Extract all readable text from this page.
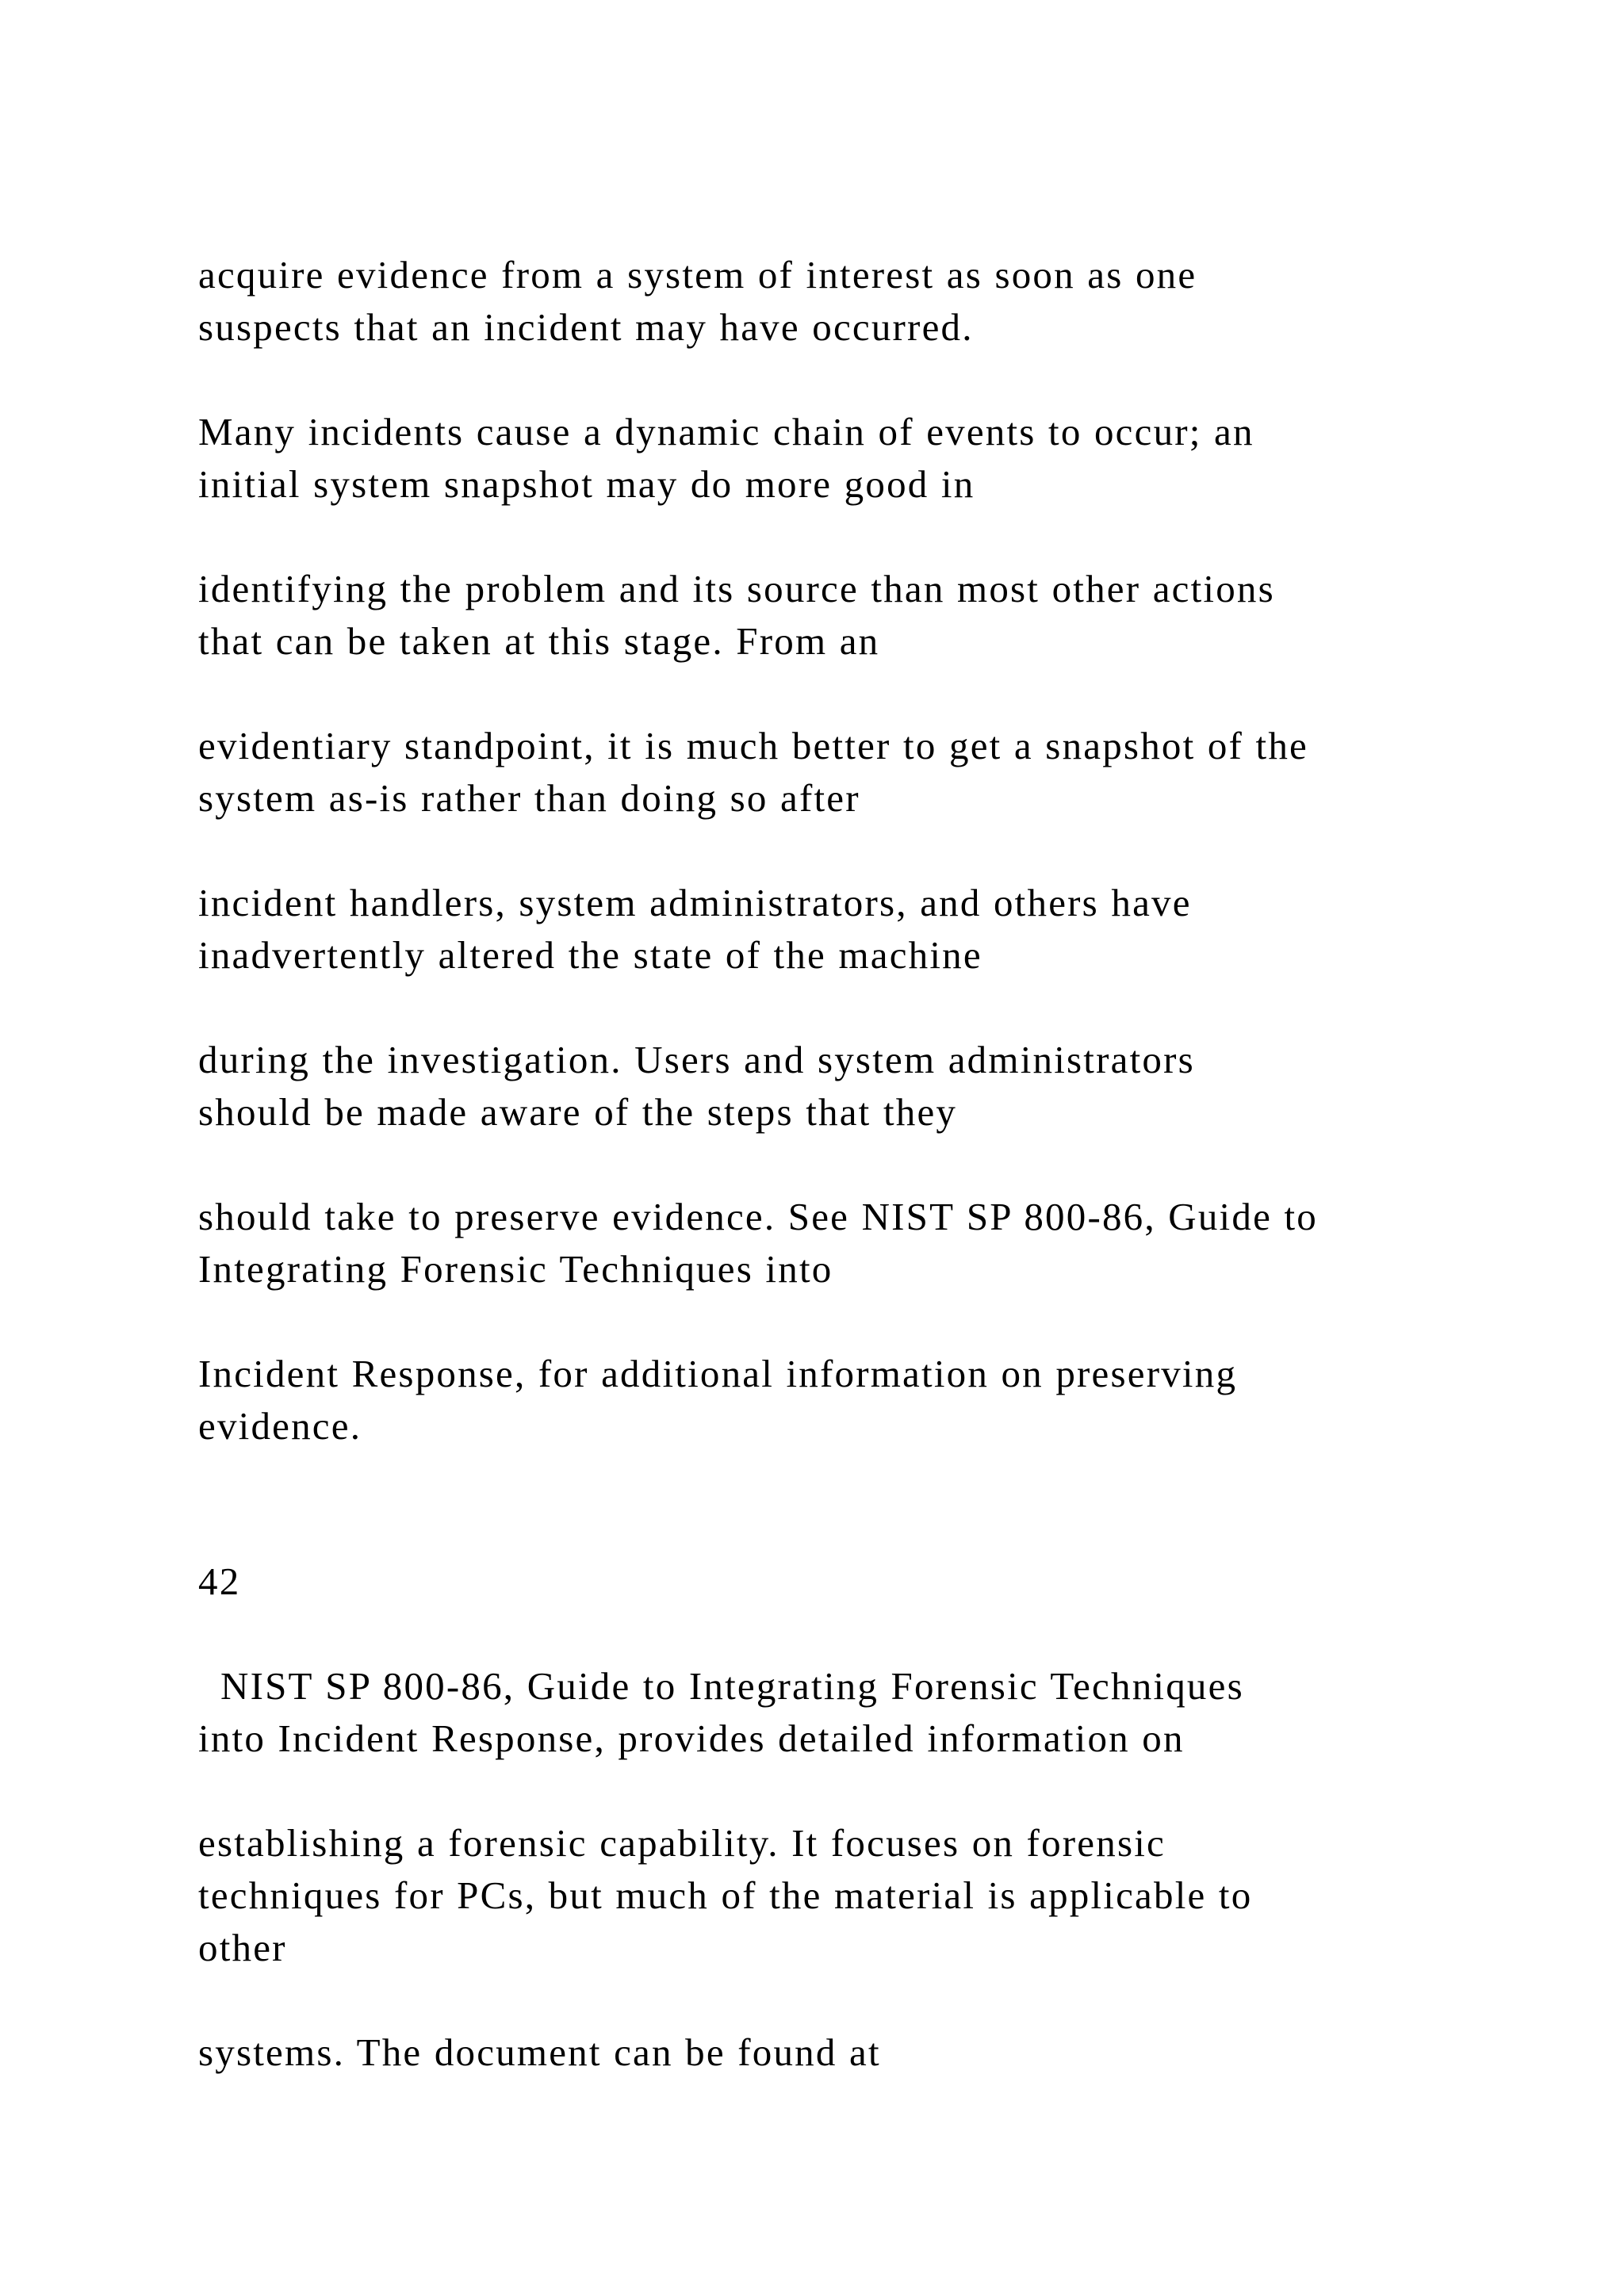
acquire evidence from a system of interest as soon as one

suspects that an incident may have occurred.

Many incidents cause a dynamic chain of events to occur; an

initial system snapshot may do more good in

identifying the problem and its source than most other actions

that can be taken at this stage. From an

evidentiary standpoint, it is much better to get a snapshot of the

system as-is rather than doing so after

incident handlers, system administrators, and others have

inadvertently altered the state of the machine

during the investigation. Users and system administrators

should be made aware of the steps that they

should take to preserve evidence. See NIST SP 800-86, Guide to

Integrating Forensic Techniques into

Incident Response, for additional information on preserving

evidence.

42

NIST SP 800-86, Guide to Integrating Forensic Techniques

into Incident Response, provides detailed information on

establishing a forensic capability. It focuses on forensic

techniques for PCs, but much of the material is applicable to

other

systems. The document can be found at
